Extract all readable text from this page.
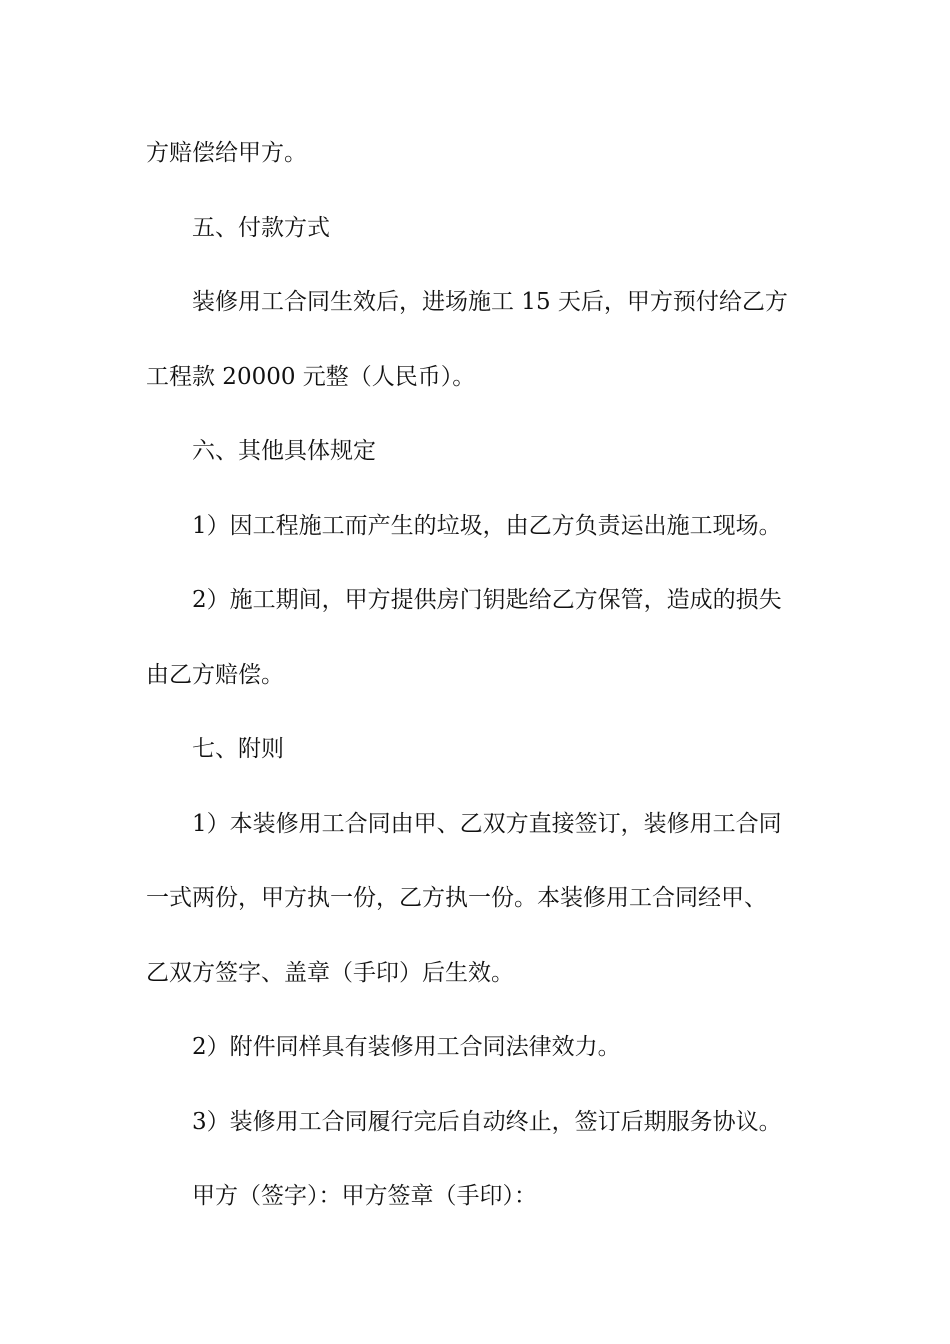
方赔偿给甲方。
五、付款方式
装修用工合同生效后，进场施工 15 天后，甲方预付给乙方
工程款 20000 元整（人民币）。
六、其他具体规定
1）因工程施工而产生的垃圾，由乙方负责运出施工现场。
2）施工期间，甲方提供房门钥匙给乙方保管，造成的损失
由乙方赔偿。
七、附则
1）本装修用工合同由甲、乙双方直接签订，装修用工合同
一式两份，甲方执一份，乙方执一份。本装修用工合同经甲、
乙双方签字、盖章（手印）后生效。
2）附件同样具有装修用工合同法律效力。
3）装修用工合同履行完后自动终止，签订后期服务协议。
甲方（签字）：甲方签章（手印）：
